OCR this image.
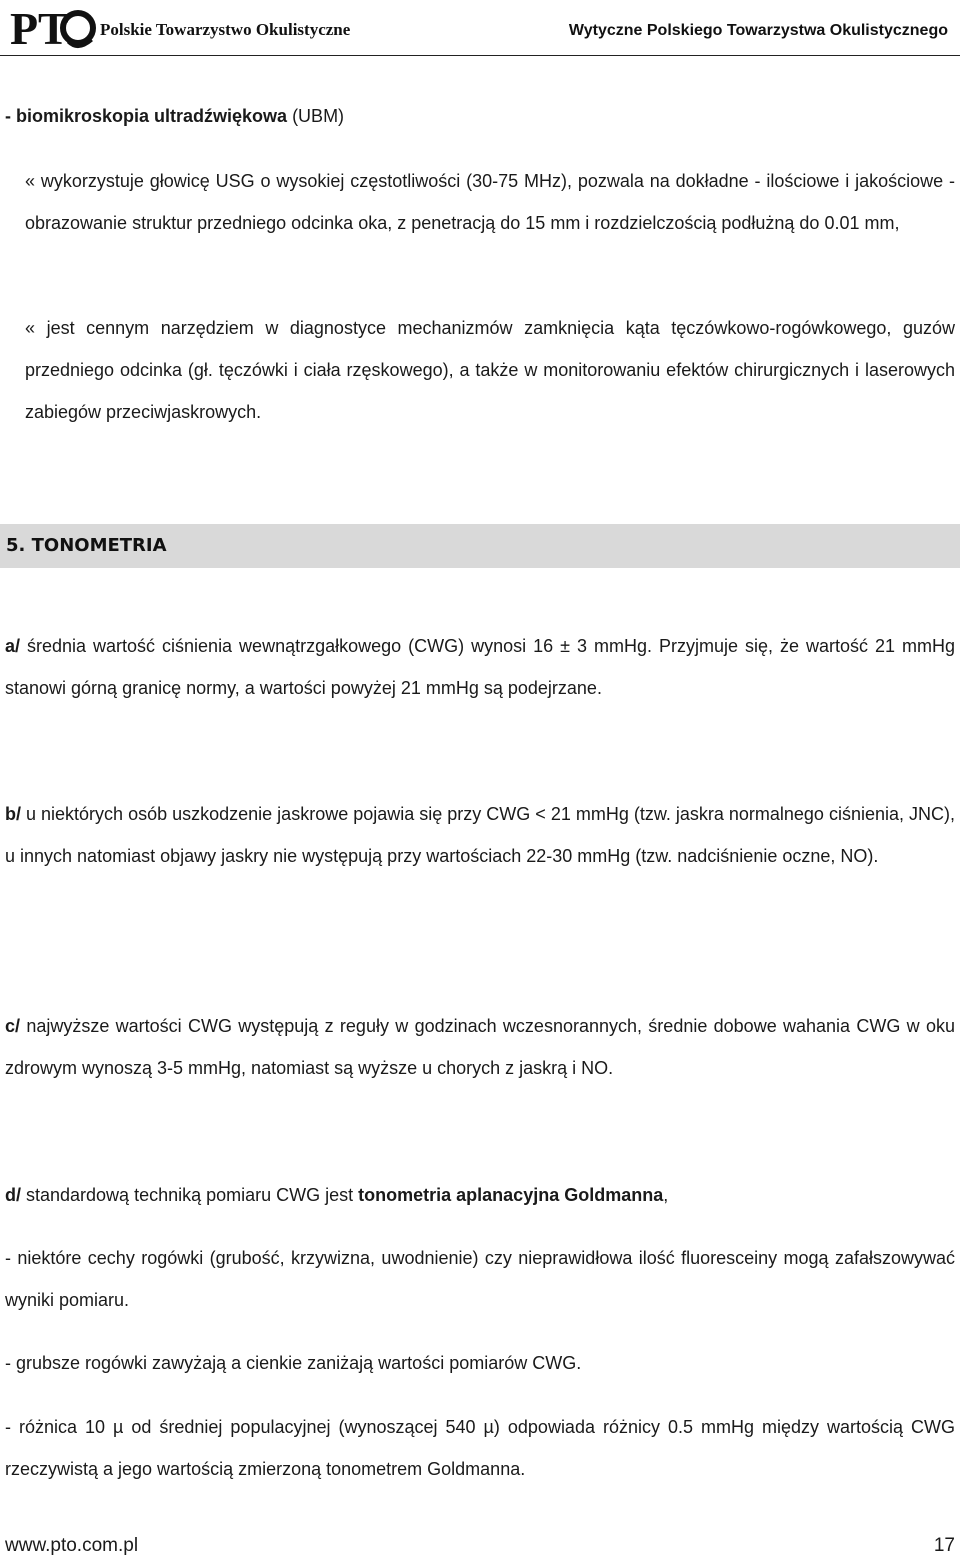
P T Polskie Towarzystwo Okulistyczne	Wytyczne Polskiego Towarzystwa Okulistycznego

- biomikroskopia ultradźwiękowa (UBM)

« wykorzystuje głowicę USG o wysokiej częstotliwości (30-75 MHz), pozwala na dokładne - ilościowe i jakościowe - obrazowanie struktur przedniego odcinka oka, z penetracją do 15 mm i rozdzielczością podłużną do 0.01 mm,

« jest cennym narzędziem w diagnostyce mechanizmów zamknięcia kąta tęczówkowo-rogówkowego, guzów przedniego odcinka (gł. tęczówki i ciała rzęskowego), a także w monitorowaniu efektów chirurgicznych i laserowych zabiegów przeciwjaskrowych.

5. TONOMETRIA

a/ średnia wartość ciśnienia wewnątrzgałkowego (CWG) wynosi 16 ± 3 mmHg. Przyjmuje się, że wartość 21 mmHg stanowi górną granicę normy, a wartości powyżej 21 mmHg są podejrzane.

b/ u niektórych osób uszkodzenie jaskrowe pojawia się przy CWG < 21 mmHg (tzw. jaskra normalnego ciśnienia, JNC), u innych natomiast objawy jaskry nie występują przy wartościach 22-30 mmHg (tzw. nadciśnienie oczne, NO).

c/ najwyższe wartości CWG występują z reguły w godzinach wczesnorannych, średnie dobowe wahania CWG w oku zdrowym wynoszą 3-5 mmHg, natomiast są wyższe u chorych z jaskrą i NO.

d/ standardową techniką pomiaru CWG jest tonometria aplanacyjna Goldmanna,

- niektóre cechy rogówki (grubość, krzywizna, uwodnienie) czy nieprawidłowa ilość fluoresceiny mogą zafałszowywać wyniki pomiaru.

- grubsze rogówki zawyżają a cienkie zaniżają wartości pomiarów CWG.

- różnica 10 µ od średniej populacyjnej (wynoszącej 540 µ) odpowiada różnicy 0.5 mmHg między wartością CWG rzeczywistą a jego wartością zmierzoną tonometrem Goldmanna.

www.pto.com.pl	17
